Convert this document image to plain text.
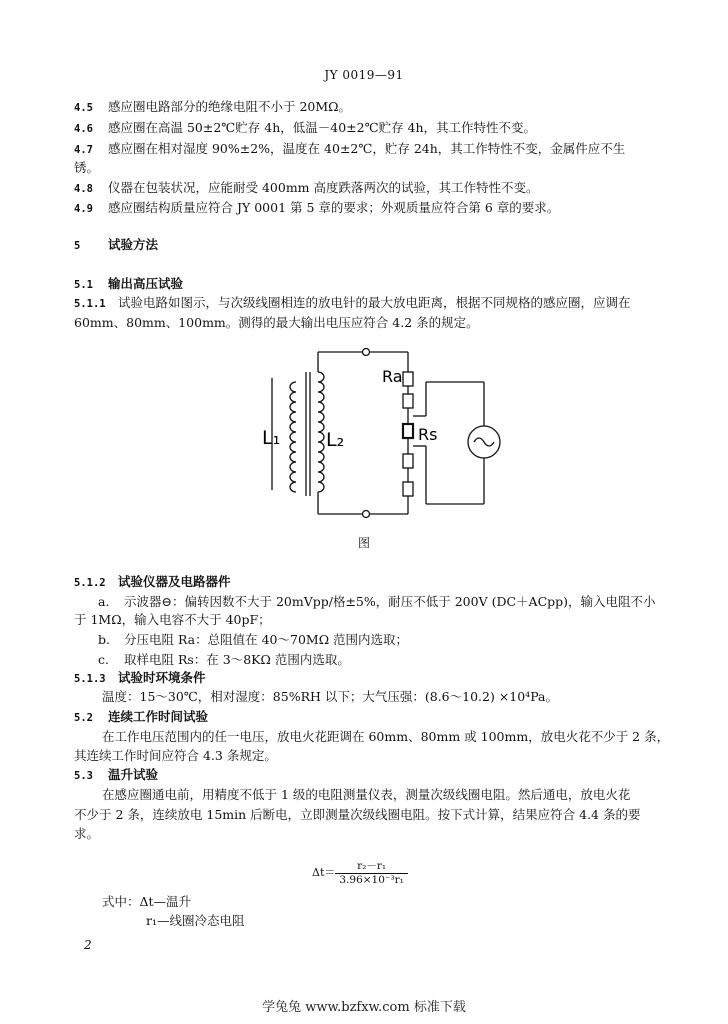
JY 0019—91
4.5 感应圈电路部分的绝缘电阻不小于 20MΩ。
4.6 感应圈在高温 50±2℃贮存 4h，低温－40±2℃贮存 4h，其工作特性不变。
4.7 感应圈在相对湿度 90%±2%，温度在 40±2℃，贮存 24h，其工作特性不变，金属件应不生
锈。
4.8 仪器在包装状况，应能耐受 400mm 高度跌落两次的试验，其工作特性不变。
4.9 感应圈结构质量应符合 JY 0001 第 5 章的要求；外观质量应符合第 6 章的要求。
5 试验方法
5.1 输出高压试验
5.1.1 试验电路如图示，与次级线圈相连的放电针的最大放电距离，根据不同规格的感应圈，应调在
60mm、80mm、100mm。测得的最大输出电压应符合 4.2 条的规定。
L₁ L₂
Ra
Rs
图
5.1.2 试验仪器及电路器件
a. 示波器⊖：偏转因数不大于 20mVpp/格±5%，耐压不低于 200V (DC＋ACpp)，输入电阻不小
于 1MΩ，输入电容不大于 40pF；
b. 分压电阻 Ra：总阻值在 40～70MΩ 范围内选取；
c. 取样电阻 Rs：在 3～8KΩ 范围内选取。
5.1.3 试验时环境条件
温度：15～30℃，相对湿度：85%RH 以下；大气压强：(8.6～10.2) ×10⁴Pa。
5.2 连续工作时间试验
在工作电压范围内的任一电压，放电火花距调在 60mm、80mm 或 100mm，放电火花不少于 2 条，
其连续工作时间应符合 4.3 条规定。
5.3 温升试验
在感应圈通电前，用精度不低于 1 级的电阻测量仪表，测量次级线圈电阻。然后通电，放电火花
不少于 2 条，连续放电 15min 后断电，立即测量次级线圈电阻。按下式计算，结果应符合 4.4 条的要
求。
$\Delta t= \frac{\text{r₂－r₁}}{\text{3.96×10⁻³r₁}}$
式中：Δt—温升
r₁—线圈冷态电阻
2
学兔兔 www.bzfxw.com 标准下载
